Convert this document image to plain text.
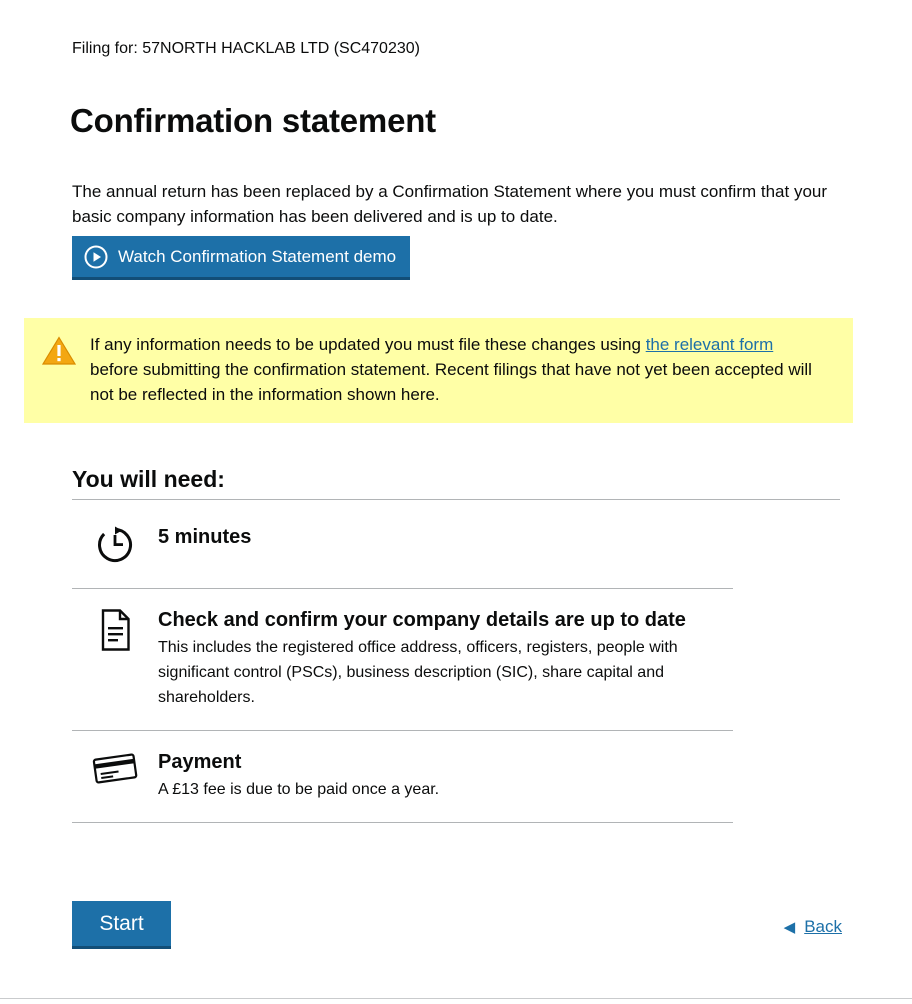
Filing for: 57NORTH HACKLAB LTD (SC470230)
Confirmation statement

The annual return has been replaced by a Confirmation Statement where you must confirm that your basic company information has been delivered and is up to date.

Watch Confirmation Statement demo
If any information needs to be updated you must file these changes using the relevant form before submitting the confirmation statement. Recent filings that have not yet been accepted will not be reflected in the information shown here.
You will need:

5 minutes

Check and confirm your company details are up to date

This includes the registered office address, officers, registers, people with significant control (PSCs), business description (SIC), share capital and shareholders.

Payment

A £13 fee is due to be paid once a year.

Start	◀ Back
